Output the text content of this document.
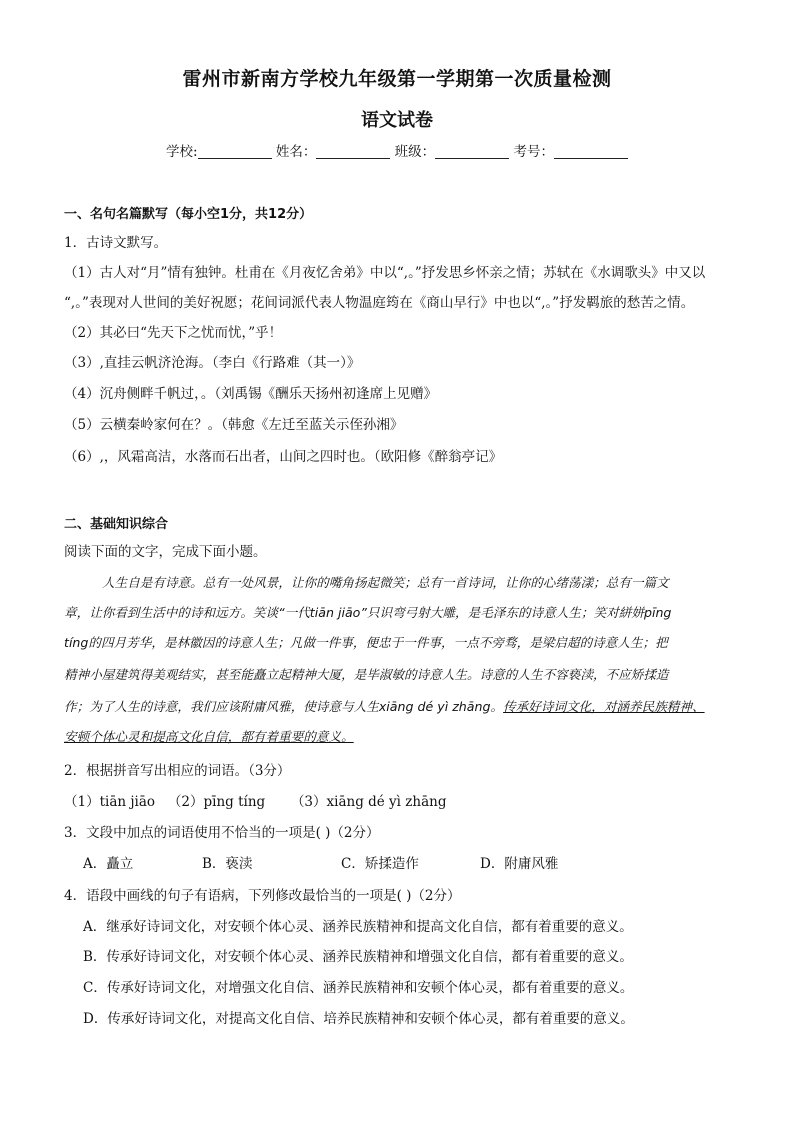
雷州市新南方学校九年级第一学期第一次质量检测
语文试卷
学校:	姓名：	班级：	考号：
一、名句名篇默写（每小空1分，共12分）
1．古诗文默写。
（1）古人对“月”情有独钟。杜甫在《月夜忆舍弟》中以“,。”抒发思乡怀亲之情；苏轼在《水调歌头》中又以
“,。”表现对人世间的美好祝愿；花间词派代表人物温庭筠在《商山早行》中也以“,。”抒发羁旅的愁苦之情。
（2）其必曰“先天下之忧而忧，”乎！
（3）,直挂云帆济沧海。（李白《行路难（其一）》
（4）沉舟侧畔千帆过，。（刘禹锡《酬乐天扬州初逢席上见赠》
（5）云横秦岭家何在？。（韩愈《左迁至蓝关示侄孙湘》
（6）,，风霜高洁，水落而石出者，山间之四时也。（欧阳修《醉翁亭记》
二、基础知识综合
阅读下面的文字，完成下面小题。
人生自是有诗意。总有一处风景，让你的嘴角扬起微笑；总有一首诗词，让你的心绪荡漾；总有一篇文
章，让你看到生活中的诗和远方。笑谈“一代tiān jiāo”只识弯弓射大雕，是毛泽东的诗意人生；笑对絣姘pīng
tíng的四月芳华，是林徽因的诗意人生；凡做一件事，便忠于一件事，一点不旁骛，是梁启超的诗意人生；把
精神小屋建筑得美观结实，甚至能矗立起精神大厦，是毕淑敏的诗意人生。诗意的人生不容亵渎，不应矫揉造
作；为了人生的诗意，我们应该附庸风雅，使诗意与人生xiāng dé yì zhāng。传承好诗词文化，对涵养民族精神、
安顿个体心灵和提高文化自信，都有着重要的意义。
2．根据拼音写出相应的词语。（3分）
（1）tiān jiāo （2）pīng tíng （3）xiāng dé yì zhāng
3．文段中加点的词语使用不恰当的一项是( )（2分）
A．矗立	B．亵渎	C．矫揉造作	D．附庸风雅
4．语段中画线的句子有语病，下列修改最恰当的一项是( )（2分）
A．继承好诗词文化，对安顿个体心灵、涵养民族精神和提高文化自信，都有着重要的意义。
B．传承好诗词文化，对安顿个体心灵、涵养民族精神和增强文化自信，都有着重要的意义。
C．传承好诗词文化，对增强文化自信、涵养民族精神和安顿个体心灵，都有着重要的意义。
D．传承好诗词文化，对提高文化自信、培养民族精神和安顿个体心灵，都有着重要的意义。
